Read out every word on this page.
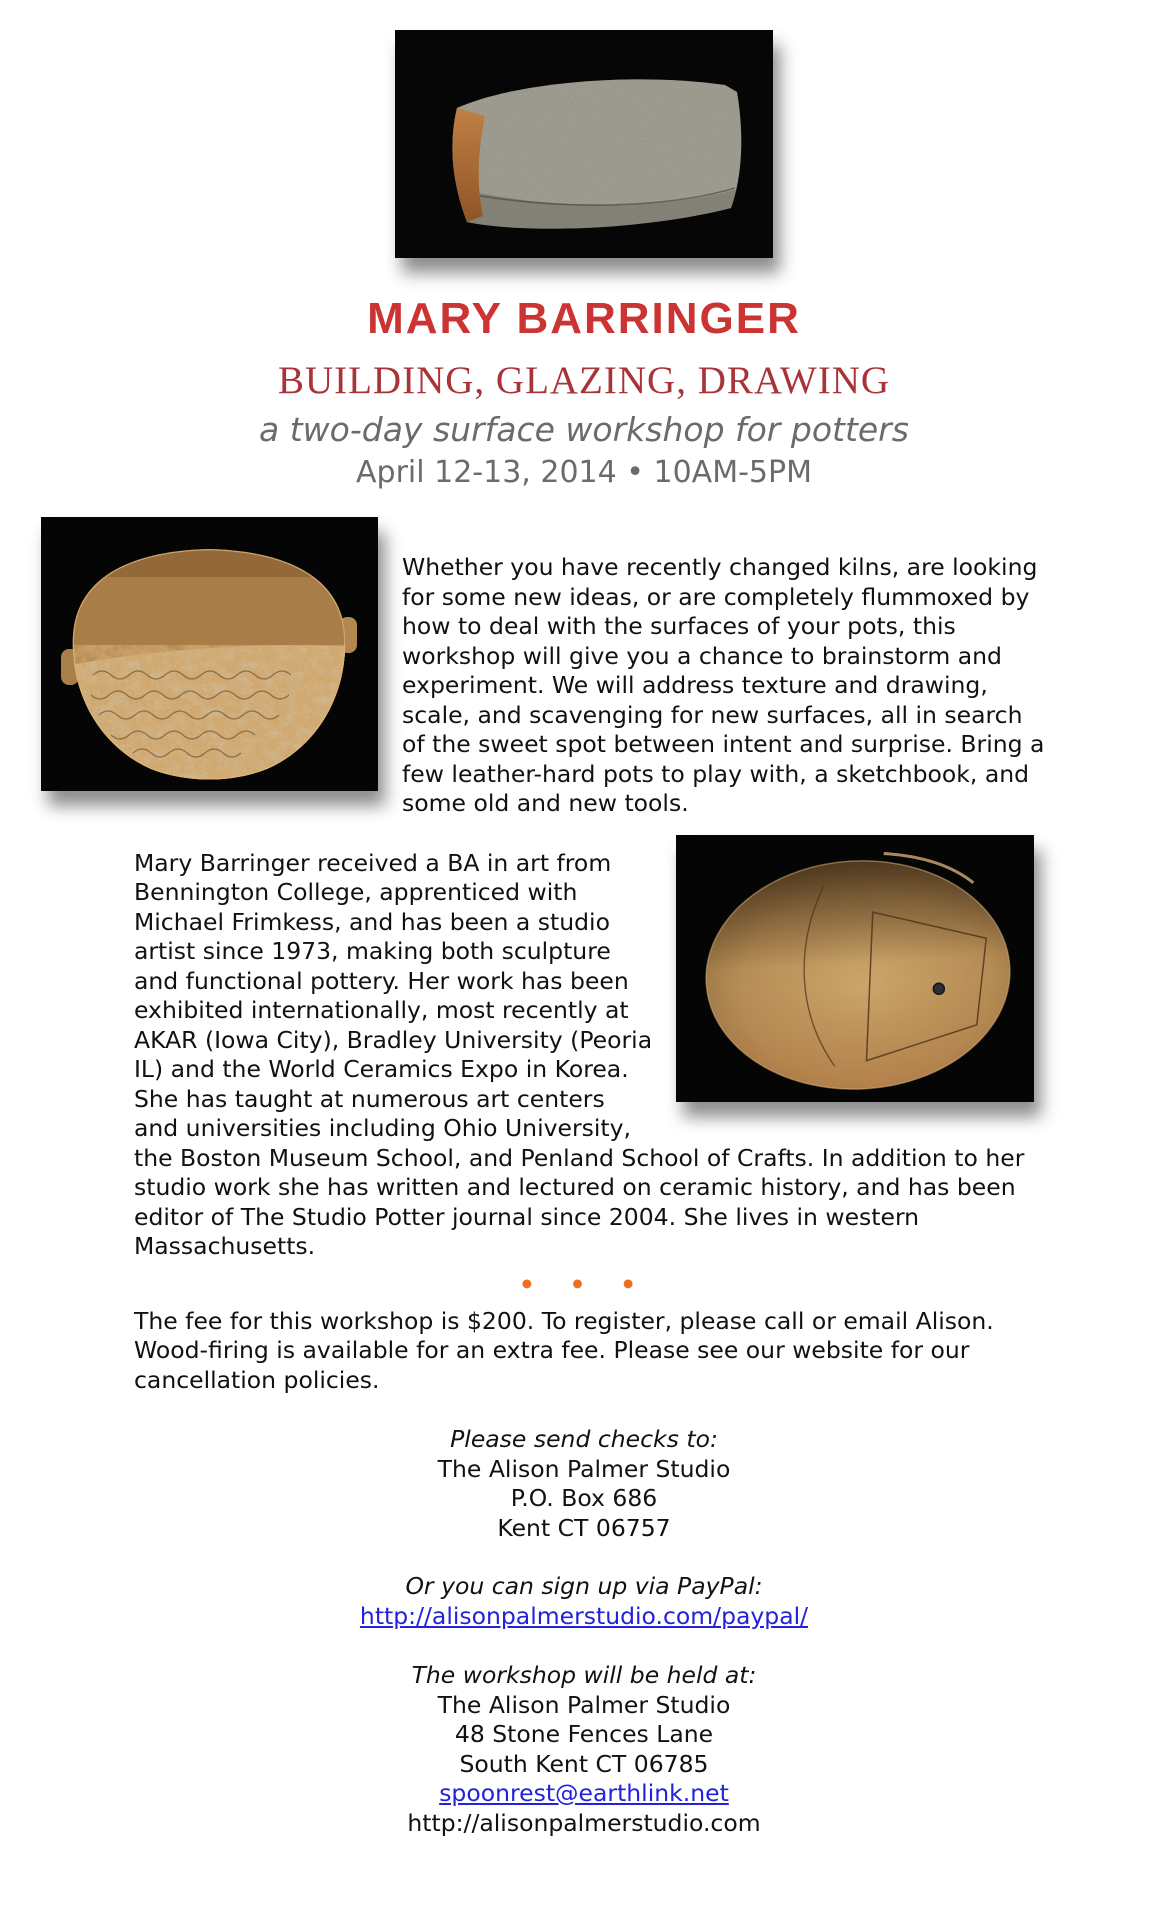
MARY BARRINGER
BUILDING, GLAZING, DRAWING
a two-day surface workshop for potters
April 12-13, 2014 • 10AM-5PM

Whether you have recently changed kilns, are looking for some new ideas, or are completely flummoxed by how to deal with the surfaces of your pots, this workshop will give you a chance to brainstorm and experiment. We will address texture and drawing, scale, and scavenging for new surfaces, all in search of the sweet spot between intent and surprise. Bring a few leather-hard pots to play with, a sketchbook, and some old and new tools.

Mary Barringer received a BA in art from Bennington College, apprenticed with Michael Frimkess, and has been a studio artist since 1973, making both sculpture and functional pottery. Her work has been exhibited internationally, most recently at AKAR (Iowa City), Bradley University (Peoria IL) and the World Ceramics Expo in Korea. She has taught at numerous art centers and universities including Ohio University, the Boston Museum School, and Penland School of Crafts. In addition to her studio work she has written and lectured on ceramic history, and has been editor of The Studio Potter journal since 2004. She lives in western Massachusetts.

• • •

The fee for this workshop is $200. To register, please call or email Alison. Wood-firing is available for an extra fee. Please see our website for our cancellation policies.

Please send checks to:
The Alison Palmer Studio
P.O. Box 686
Kent CT 06757
Or you can sign up via PayPal:
http://alisonpalmerstudio.com/paypal/
The workshop will be held at:
The Alison Palmer Studio
48 Stone Fences Lane
South Kent CT 06785
spoonrest@earthlink.net
http://alisonpalmerstudio.com
